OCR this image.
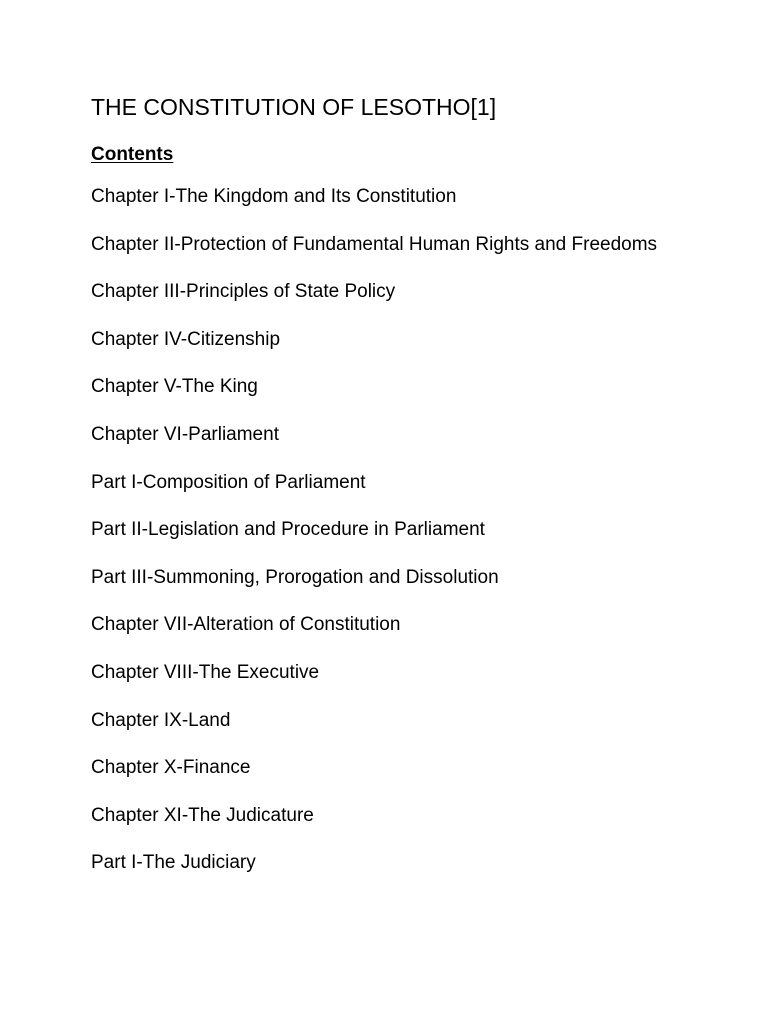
THE CONSTITUTION OF LESOTHO[1]
Contents
Chapter I-The Kingdom and Its Constitution
Chapter II-Protection of Fundamental Human Rights and Freedoms
Chapter III-Principles of State Policy
Chapter IV-Citizenship
Chapter V-The King
Chapter VI-Parliament
Part I-Composition of Parliament
Part II-Legislation and Procedure in Parliament
Part III-Summoning, Prorogation and Dissolution
Chapter VII-Alteration of Constitution
Chapter VIII-The Executive
Chapter IX-Land
Chapter X-Finance
Chapter XI-The Judicature
Part I-The Judiciary
